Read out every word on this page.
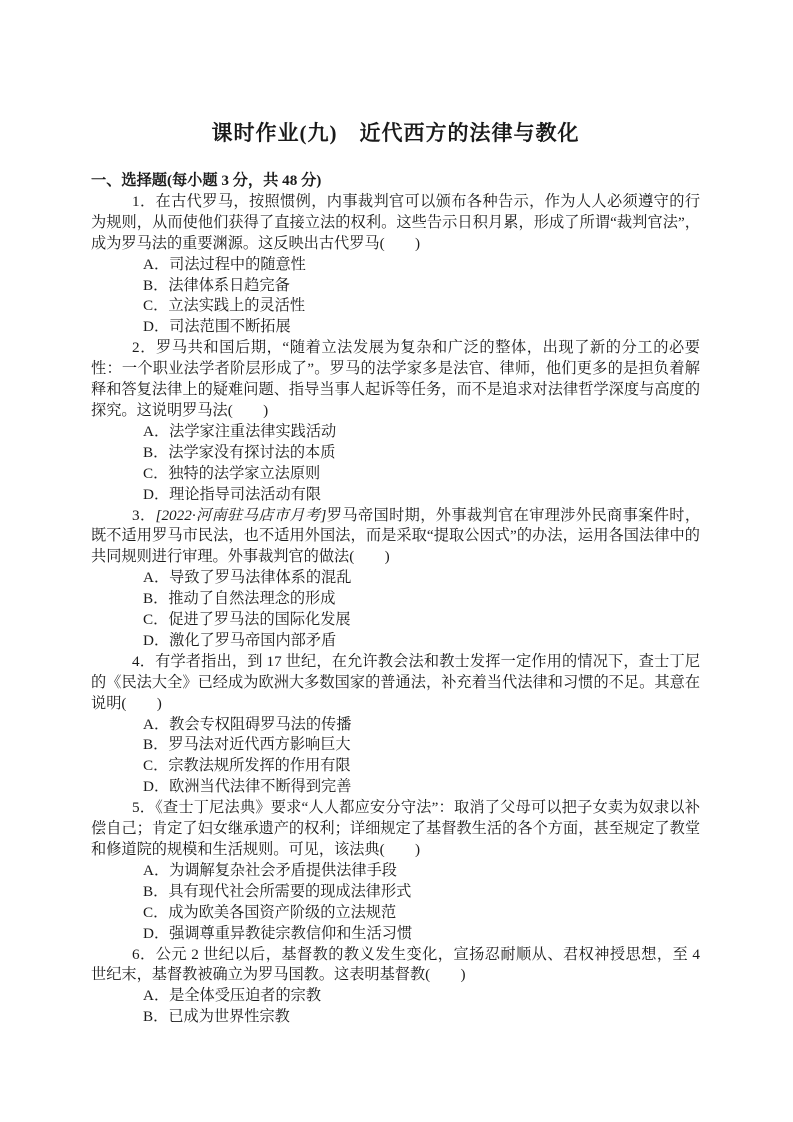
课时作业(九)　近代西方的法律与教化

一、选择题(每小题 3 分，共 48 分)

1．在古代罗马，按照惯例，内事裁判官可以颁布各种告示，作为人人必须遵守的行为规则，从而使他们获得了直接立法的权利。这些告示日积月累，形成了所谓“裁判官法”，成为罗马法的重要渊源。这反映出古代罗马(　　)

A．司法过程中的随意性

B．法律体系日趋完备

C．立法实践上的灵活性

D．司法范围不断拓展

2．罗马共和国后期，“随着立法发展为复杂和广泛的整体，出现了新的分工的必要性：一个职业法学者阶层形成了”。罗马的法学家多是法官、律师，他们更多的是担负着解释和答复法律上的疑难问题、指导当事人起诉等任务，而不是追求对法律哲学深度与高度的探究。这说明罗马法(　　)

A．法学家注重法律实践活动

B．法学家没有探讨法的本质

C．独特的法学家立法原则

D．理论指导司法活动有限

3．[2022·河南驻马店市月考]罗马帝国时期，外事裁判官在审理涉外民商事案件时，既不适用罗马市民法，也不适用外国法，而是采取“提取公因式”的办法，运用各国法律中的共同规则进行审理。外事裁判官的做法(　　)

A．导致了罗马法律体系的混乱

B．推动了自然法理念的形成

C．促进了罗马法的国际化发展

D．激化了罗马帝国内部矛盾

4．有学者指出，到 17 世纪，在允许教会法和教士发挥一定作用的情况下，查士丁尼的《民法大全》已经成为欧洲大多数国家的普通法，补充着当代法律和习惯的不足。其意在说明(　　)

A．教会专权阻碍罗马法的传播

B．罗马法对近代西方影响巨大

C．宗教法规所发挥的作用有限

D．欧洲当代法律不断得到完善

5．《查士丁尼法典》要求“人人都应安分守法”：取消了父母可以把子女卖为奴隶以补偿自己；肯定了妇女继承遗产的权利；详细规定了基督教生活的各个方面，甚至规定了教堂和修道院的规模和生活规则。可见，该法典(　　)

A．为调解复杂社会矛盾提供法律手段

B．具有现代社会所需要的现成法律形式

C．成为欧美各国资产阶级的立法规范

D．强调尊重异教徒宗教信仰和生活习惯

6．公元 2 世纪以后，基督教的教义发生变化，宣扬忍耐顺从、君权神授思想，至 4 世纪末，基督教被确立为罗马国教。这表明基督教(　　)

A．是全体受压迫者的宗教

B．已成为世界性宗教
